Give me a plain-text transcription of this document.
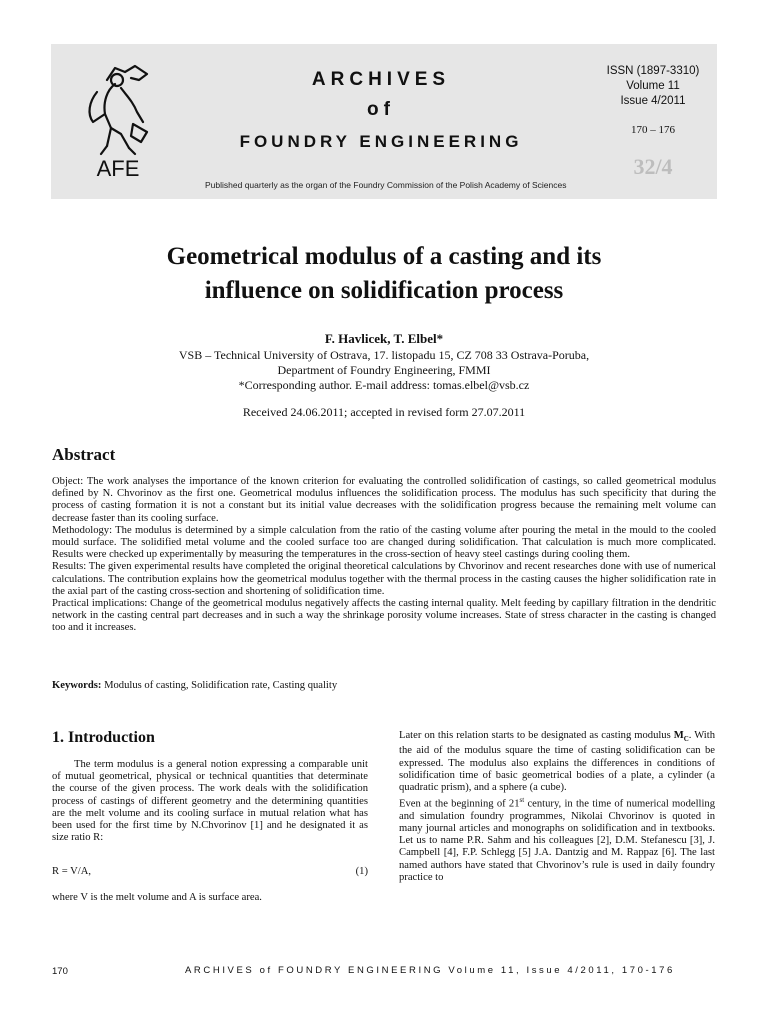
AFE
ARCHIVES
of
FOUNDRY ENGINEERING
Published quarterly as the organ of the Foundry Commission of the Polish Academy of Sciences
ISSN (1897-3310)
Volume 11
Issue 4/2011
170 – 176
32/4
Geometrical modulus of a casting and its
influence on solidification process
F. Havlicek, T. Elbel*
VSB – Technical University of Ostrava, 17. listopadu 15, CZ 708 33 Ostrava-Poruba,
Department of Foundry Engineering, FMMI
*Corresponding author. E-mail address: tomas.elbel@vsb.cz
Received 24.06.2011; accepted in revised form 27.07.2011
Abstract

Object: The work analyses the importance of the known criterion for evaluating the controlled solidification of castings, so called geometrical modulus defined by N. Chvorinov as the first one. Geometrical modulus influences the solidification process. The modulus has such specificity that during the process of casting formation it is not a constant but its initial value decreases with the solidification progress because the remaining melt volume can decrease faster than its cooling surface.

Methodology: The modulus is determined by a simple calculation from the ratio of the casting volume after pouring the metal in the mould to the cooled mould surface. The solidified metal volume and the cooled surface too are changed during solidification. That calculation is much more complicated. Results were checked up experimentally by measuring the temperatures in the cross-section of heavy steel castings during cooling them.

Results: The given experimental results have completed the original theoretical calculations by Chvorinov and recent researches done with use of numerical calculations. The contribution explains how the geometrical modulus together with the thermal process in the casting causes the higher solidification rate in the axial part of the casting cross-section and shortening of solidification time.

Practical implications: Change of the geometrical modulus negatively affects the casting internal quality. Melt feeding by capillary filtration in the dendritic network in the casting central part decreases and in such a way the shrinkage porosity volume increases. State of stress character in the casting is changed too and it increases.

Keywords: Modulus of casting, Solidification rate, Casting quality
1. Introduction

The term modulus is a general notion expressing a comparable unit of mutual geometrical, physical or technical quantities that determinate the course of the given process. The work deals with the solidification process of castings of different geometry and the determining quantities are the melt volume and its cooling surface in mutual relation what has been used for the first time by N.Chvorinov [1] and he designated it as size ratio R:

R = V/A,	(1)
where V is the melt volume and A is surface area.

Later on this relation starts to be designated as casting modulus $M_C$. With the aid of the modulus square the time of casting solidification can be expressed. The modulus also explains the differences in conditions of solidification time of basic geometrical bodies of a plate, a cylinder (a quadratic prism), and a sphere (a cube).

Even at the beginning of 21st century, in the time of numerical modelling and simulation foundry programmes, Nikolai Chvorinov is quoted in many journal articles and monographs on solidification and in textbooks. Let us to name P.R. Sahm and his colleagues [2], D.M. Stefanescu [3], J. Campbell [4], F.P. Schlegg [5] J.A. Dantzig and M. Rappaz [6]. The last named authors have stated that Chvorinov’s rule is used in daily foundry practice to

170	ARCHIVES of FOUNDRY ENGINEERING Volume 11, Issue 4/2011, 170-176
